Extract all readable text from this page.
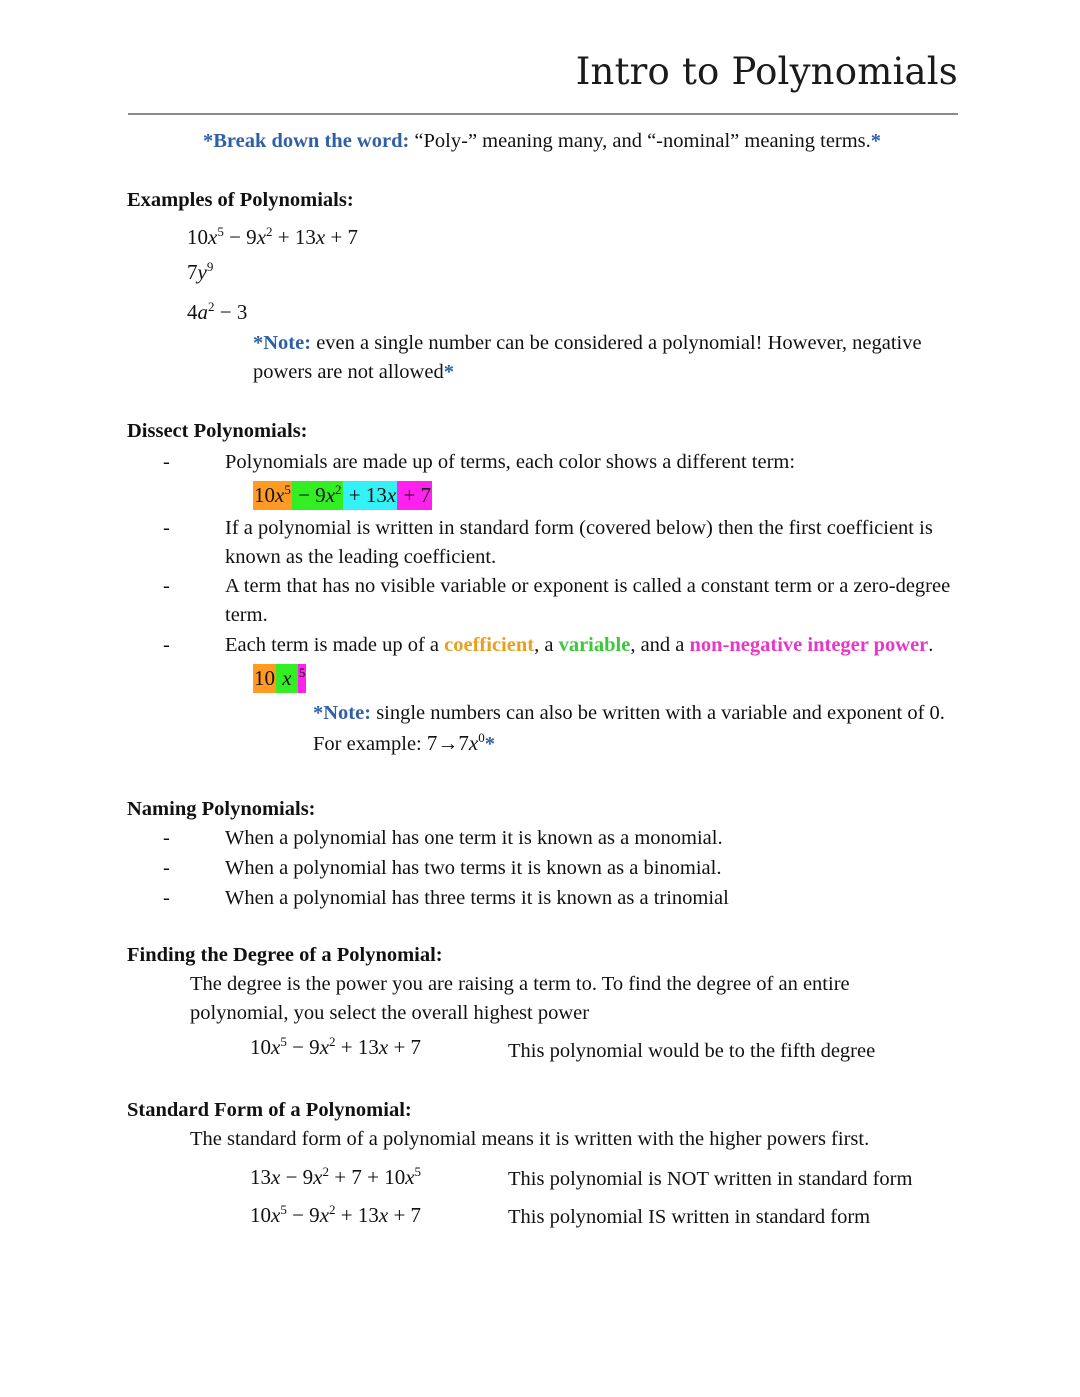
Intro to Polynomials
*Break down the word: “Poly-” meaning many, and “-nominal” meaning terms.*
Examples of Polynomials:
$10x^5 - 9x^2 + 13x + 7$
$7y^9$
$4a^2 - 3$
*Note: even a single number can be considered a polynomial! However, negative powers are not allowed*
Dissect Polynomials:
-	Polynomials are made up of terms, each color shows a different term:
$10x^5 - 9x^2 + 13x + 7$
-	If a polynomial is written in standard form (covered below) then the first coefficient is known as the leading coefficient.
-	A term that has no visible variable or exponent is called a constant term or a zero-degree term.
-	Each term is made up of a coefficient, a variable, and a non-negative integer power.
10 x $^5$
*Note: single numbers can also be written with a variable and exponent of 0. For example: $7\to 7x^0*$
Naming Polynomials:
-	When a polynomial has one term it is known as a monomial.
-	When a polynomial has two terms it is known as a binomial.
-	When a polynomial has three terms it is known as a trinomial
Finding the Degree of a Polynomial:
The degree is the power you are raising a term to. To find the degree of an entire polynomial, you select the overall highest power
$10x^5 - 9x^2 + 13x + 7$	This polynomial would be to the fifth degree
Standard Form of a Polynomial:
The standard form of a polynomial means it is written with the higher powers first.
$13x - 9x^2 + 7 + 10x^5$	This polynomial is NOT written in standard form
$10x^5 - 9x^2 + 13x + 7$	This polynomial IS written in standard form
